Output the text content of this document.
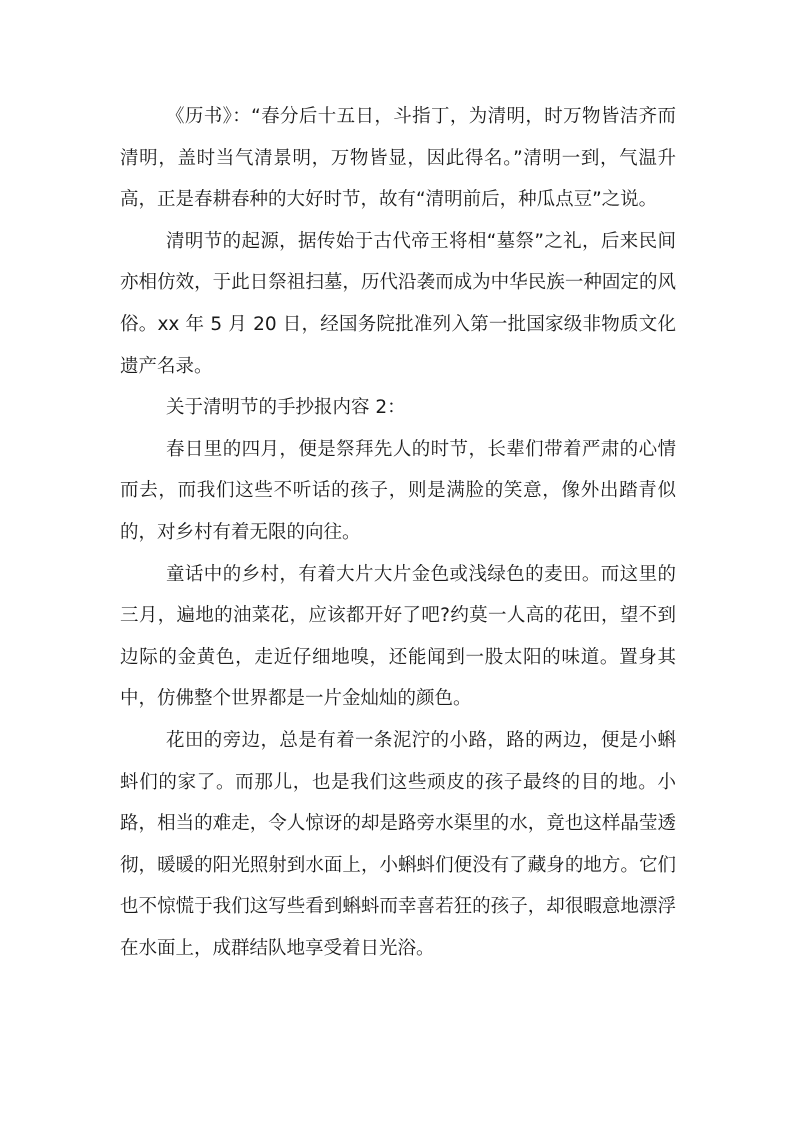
《历书》：“春分后十五日，斗指丁，为清明，时万物皆洁齐而清明，盖时当气清景明，万物皆显，因此得名。”清明一到，气温升高，正是春耕春种的大好时节，故有“清明前后，种瓜点豆”之说。

清明节的起源，据传始于古代帝王将相“墓祭”之礼，后来民间亦相仿效，于此日祭祖扫墓，历代沿袭而成为中华民族一种固定的风俗。xx 年 5 月 20 日，经国务院批准列入第一批国家级非物质文化遗产名录。

关于清明节的手抄报内容 2：

春日里的四月，便是祭拜先人的时节，长辈们带着严肃的心情而去，而我们这些不听话的孩子，则是满脸的笑意，像外出踏青似的，对乡村有着无限的向往。

童话中的乡村，有着大片大片金色或浅绿色的麦田。而这里的三月，遍地的油菜花，应该都开好了吧?约莫一人高的花田，望不到边际的金黄色，走近仔细地嗅，还能闻到一股太阳的味道。置身其中，仿佛整个世界都是一片金灿灿的颜色。

花田的旁边，总是有着一条泥泞的小路，路的两边，便是小蝌蚪们的家了。而那儿，也是我们这些顽皮的孩子最终的目的地。小路，相当的难走，令人惊讶的却是路旁水渠里的水，竟也这样晶莹透彻，暖暖的阳光照射到水面上，小蝌蚪们便没有了藏身的地方。它们也不惊慌于我们这写些看到蝌蚪而幸喜若狂的孩子，却很暇意地漂浮在水面上，成群结队地享受着日光浴。
